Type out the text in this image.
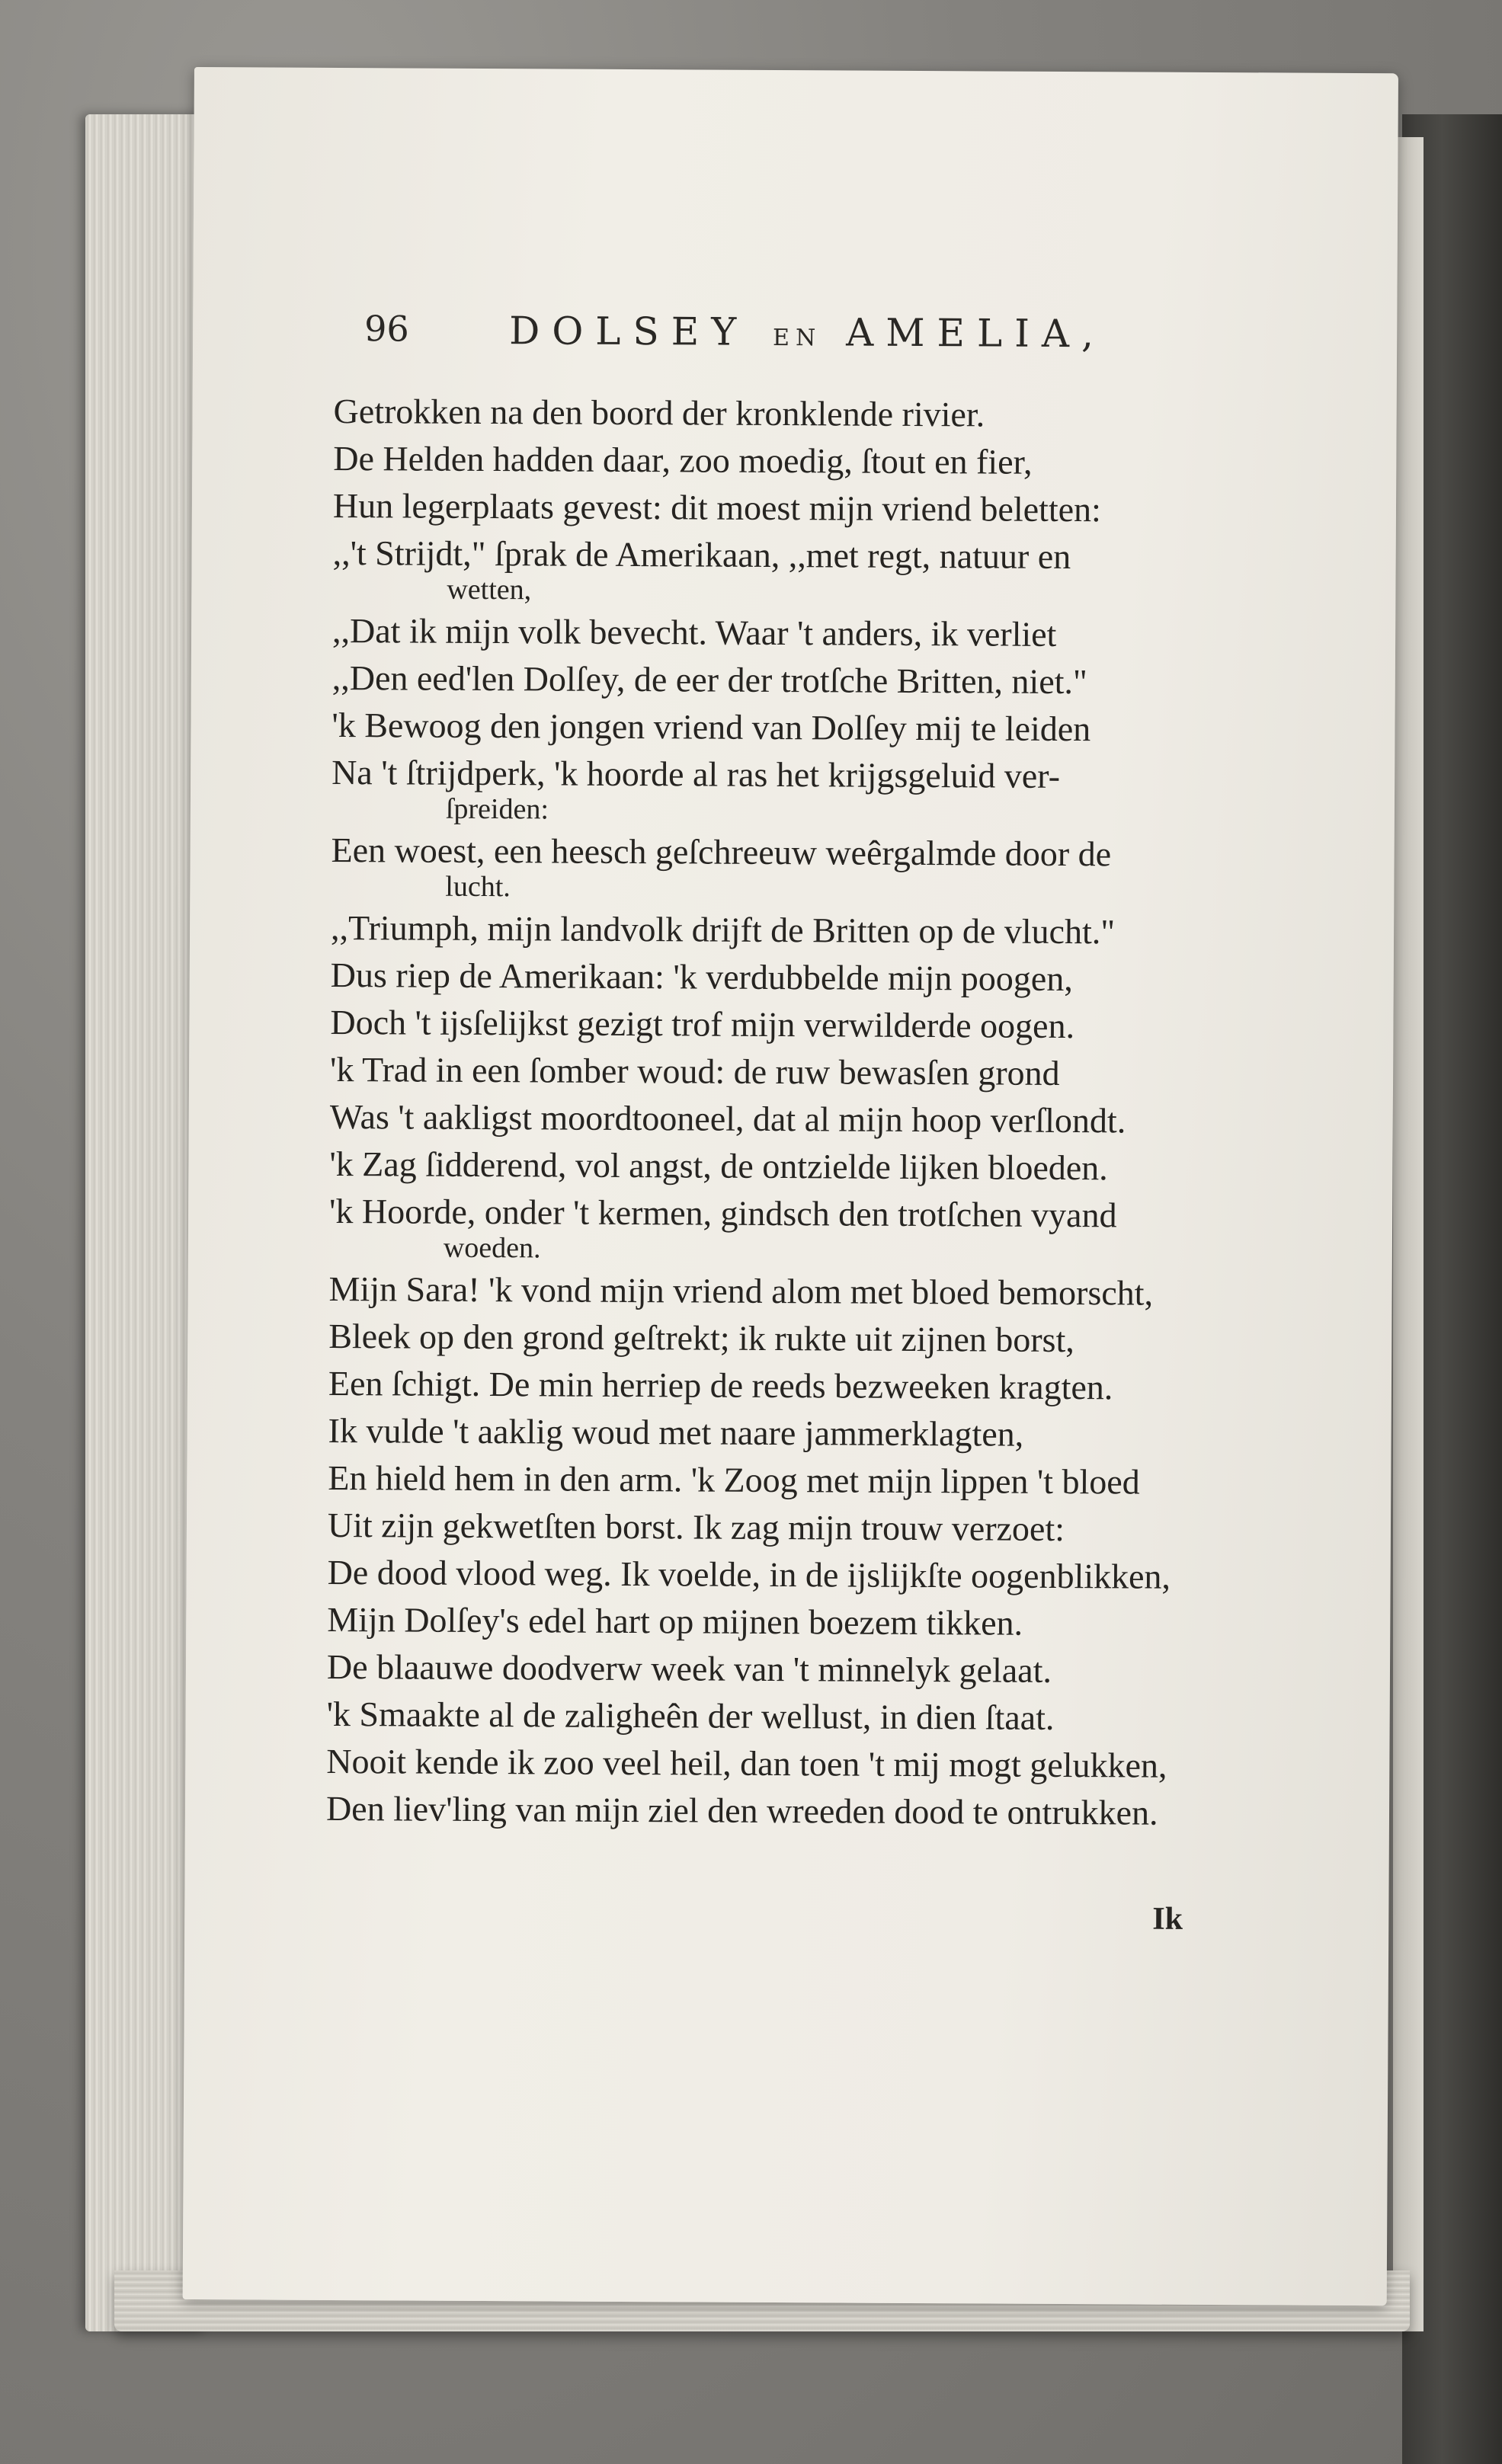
96	DOLSEY EN AMELIA,
Getrokken na den boord der kronklende rivier.
De Helden hadden daar, zoo moedig, ſtout en fier,
Hun legerplaats gevest: dit moest mijn vriend beletten:
,,'t Strijdt," ſprak de Amerikaan, ,,met regt, natuur en
wetten,
,,Dat ik mijn volk bevecht. Waar 't anders, ik verliet
,,Den eed'len Dolſey, de eer der trotſche Britten, niet."
'k Bewoog den jongen vriend van Dolſey mij te leiden
Na 't ſtrijdperk, 'k hoorde al ras het krijgsgeluid ver-
ſpreiden:
Een woest, een heesch geſchreeuw weêrgalmde door de
lucht.
,,Triumph, mijn landvolk drijft de Britten op de vlucht."
Dus riep de Amerikaan: 'k verdubbelde mijn poogen,
Doch 't ijsſelijkst gezigt trof mijn verwilderde oogen.
'k Trad in een ſomber woud: de ruw bewasſen grond
Was 't aakligst moordtooneel, dat al mijn hoop verſlondt.
'k Zag ſidderend, vol angst, de ontzielde lijken bloeden.
'k Hoorde, onder 't kermen, gindsch den trotſchen vyand
woeden.
Mijn Sara! 'k vond mijn vriend alom met bloed bemorscht,
Bleek op den grond geſtrekt; ik rukte uit zijnen borst,
Een ſchigt. De min herriep de reeds bezweeken kragten.
Ik vulde 't aaklig woud met naare jammerklagten,
En hield hem in den arm. 'k Zoog met mijn lippen 't bloed
Uit zijn gekwetſten borst. Ik zag mijn trouw verzoet:
De dood vlood weg. Ik voelde, in de ijslijkſte oogenblikken,
Mijn Dolſey's edel hart op mijnen boezem tikken.
De blaauwe doodverw week van 't minnelyk gelaat.
'k Smaakte al de zaligheên der wellust, in dien ſtaat.
Nooit kende ik zoo veel heil, dan toen 't mij mogt gelukken,
Den liev'ling van mijn ziel den wreeden dood te ontrukken.
Ik
